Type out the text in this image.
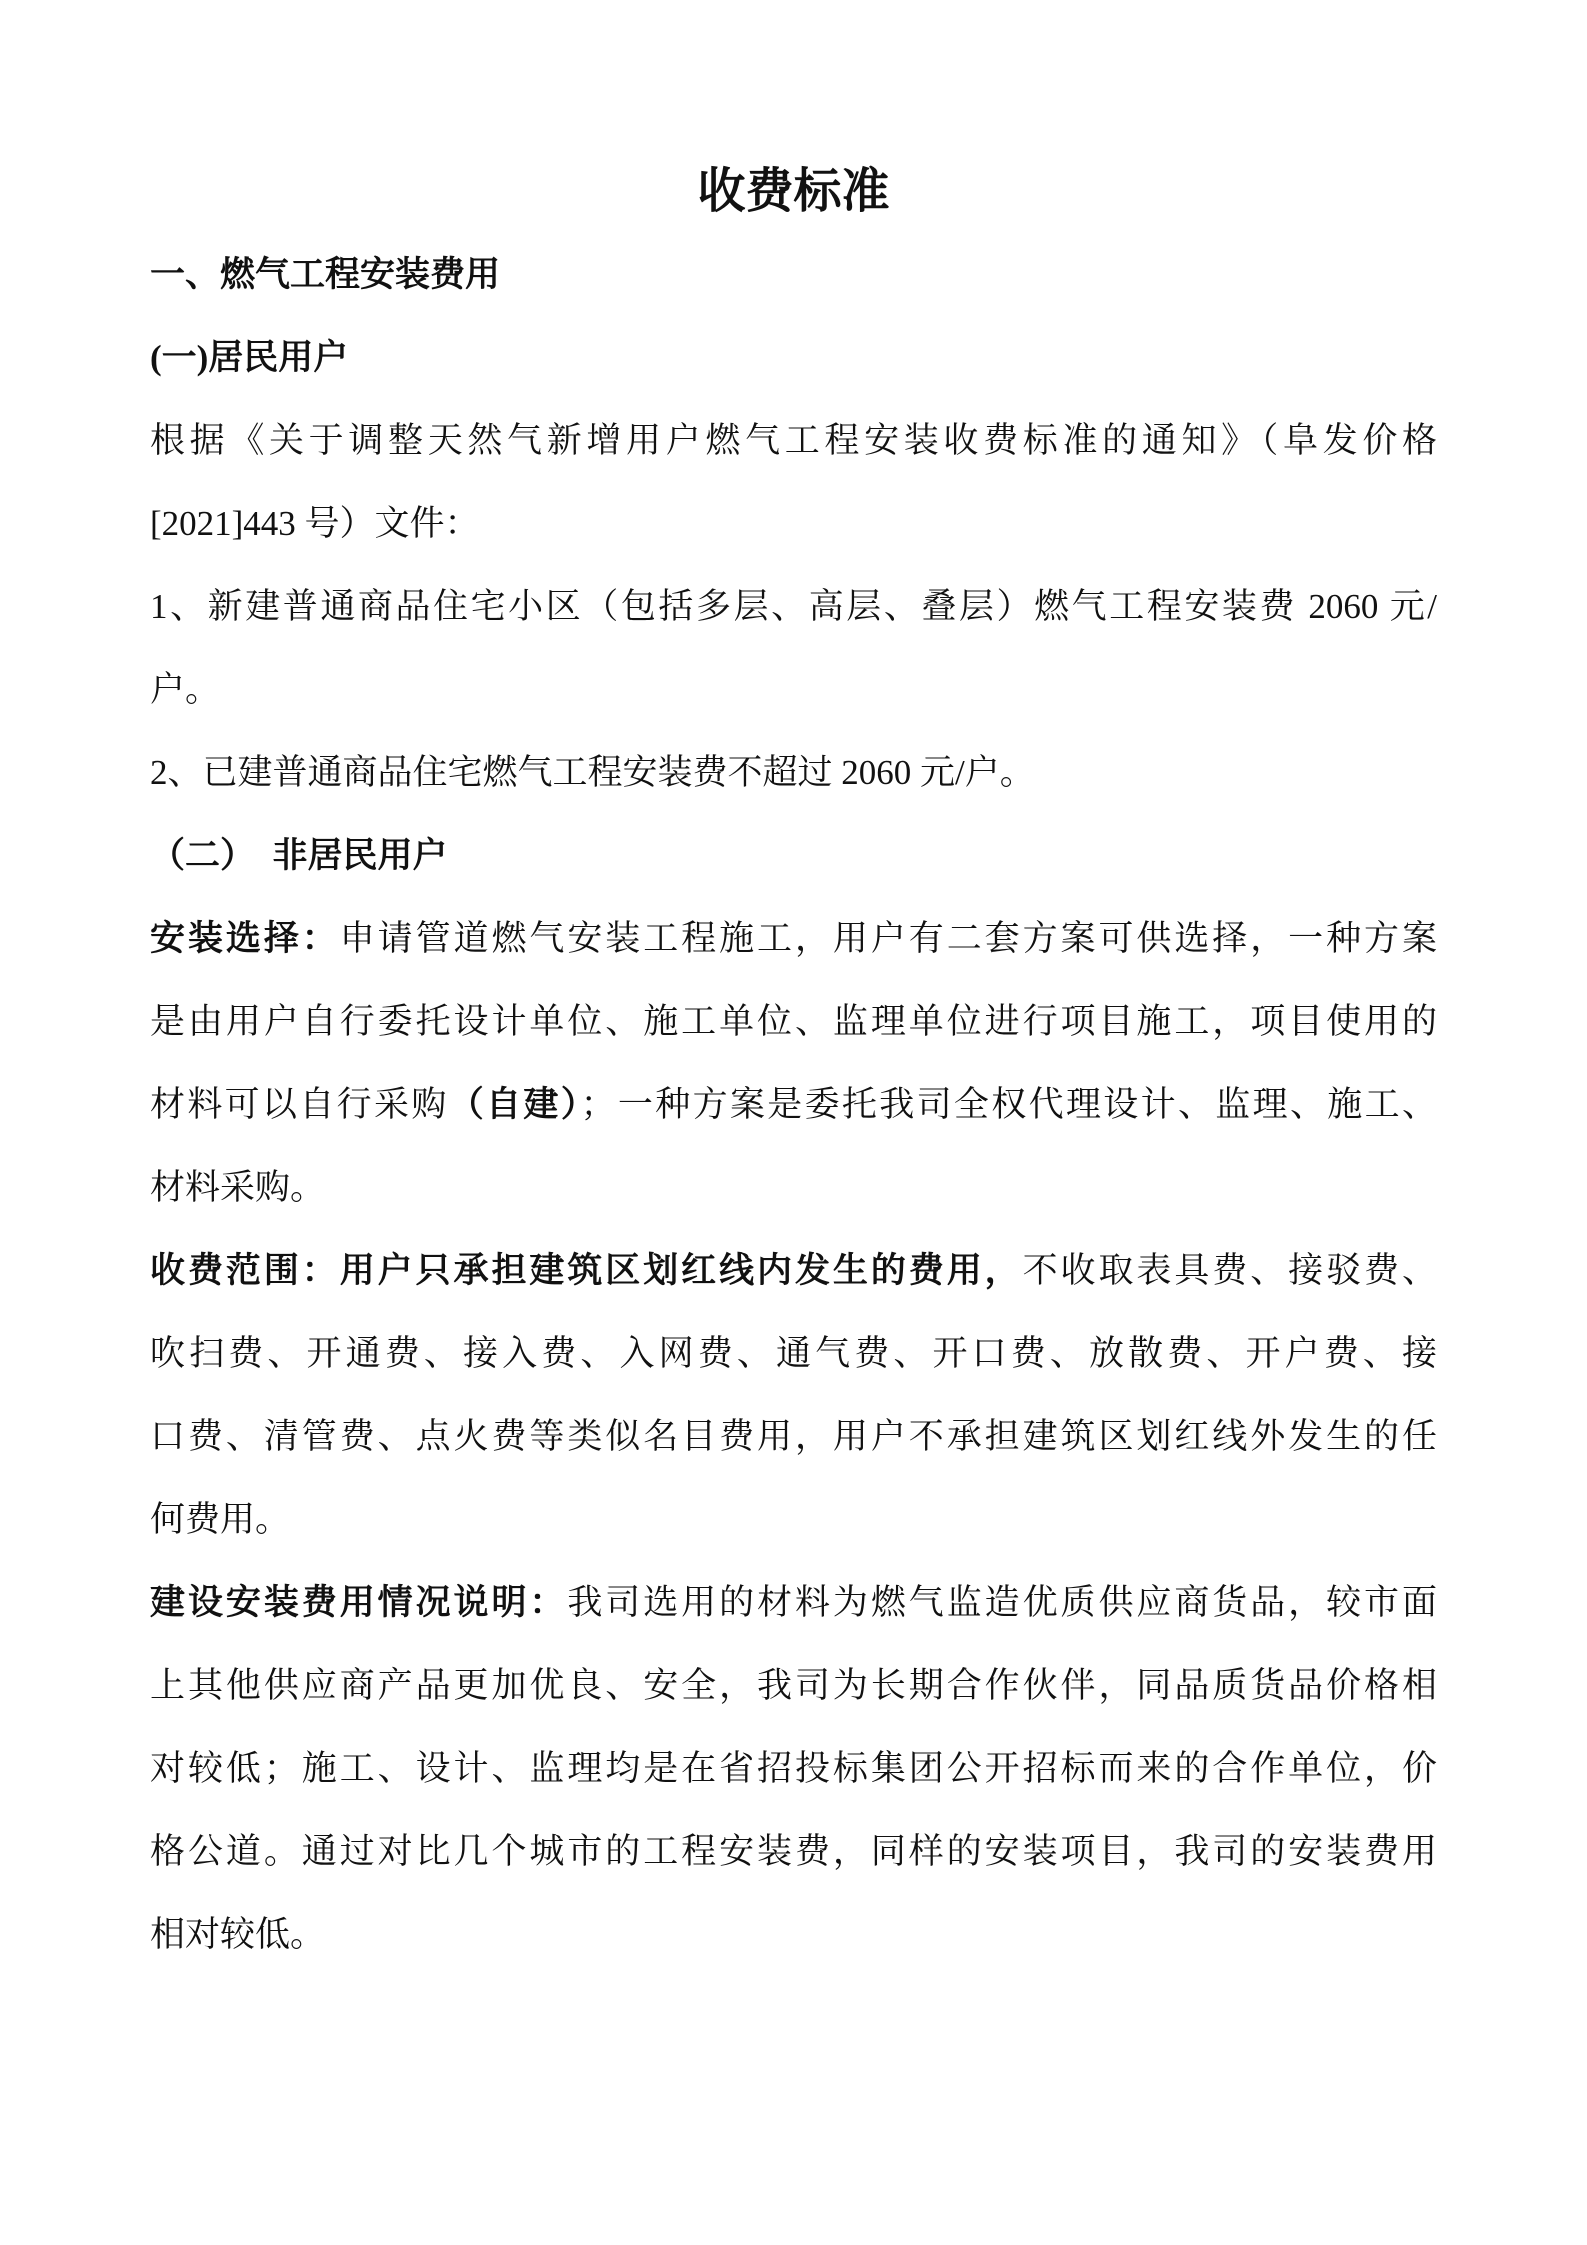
收费标准
一、燃气工程安装费用
(一)居民用户
根据《关于调整天然气新增用户燃气工程安装收费标准的通知》（阜发价格
[2021]443 号）文件：
1、新建普通商品住宅小区（包括多层、高层、叠层）燃气工程安装费 2060 元/
户。
2、已建普通商品住宅燃气工程安装费不超过 2060 元/户。
（二）　非居民用户
安装选择：申请管道燃气安装工程施工，用户有二套方案可供选择，一种方案
是由用户自行委托设计单位、施工单位、监理单位进行项目施工，项目使用的
材料可以自行采购（自建）；一种方案是委托我司全权代理设计、监理、施工、
材料采购。
收费范围：用户只承担建筑区划红线内发生的费用，不收取表具费、接驳费、
吹扫费、开通费、接入费、入网费、通气费、开口费、放散费、开户费、接
口费、清管费、点火费等类似名目费用，用户不承担建筑区划红线外发生的任
何费用。
建设安装费用情况说明：我司选用的材料为燃气监造优质供应商货品，较市面
上其他供应商产品更加优良、安全，我司为长期合作伙伴，同品质货品价格相
对较低；施工、设计、监理均是在省招投标集团公开招标而来的合作单位，价
格公道。通过对比几个城市的工程安装费，同样的安装项目，我司的安装费用
相对较低。
